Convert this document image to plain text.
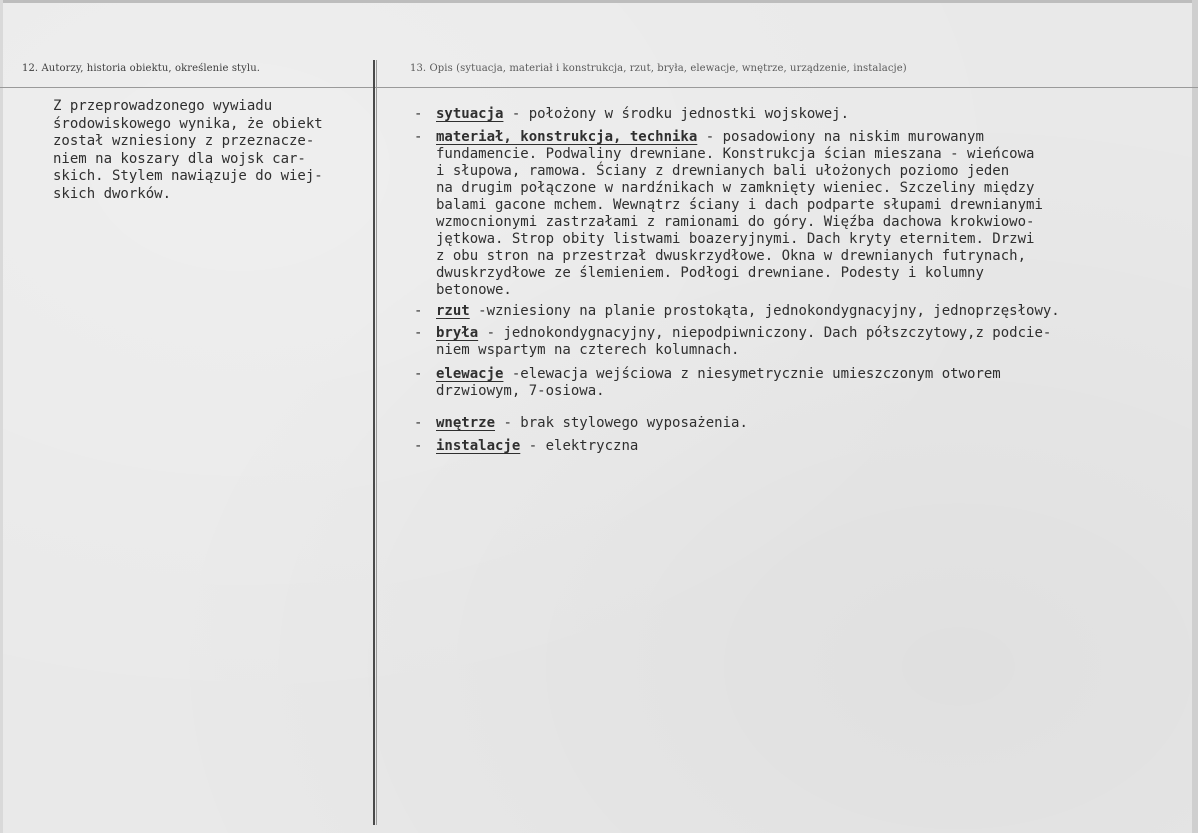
12. Autorzy, historia obiektu, określenie stylu.	13. Opis (sytuacja, materiał i konstrukcja, rzut, bryła, elewacje, wnętrze, urządzenie, instalacje)
Z przeprowadzonego wywiadu
środowiskowego wynika, że obiekt
został wzniesiony z przeznacze-
niem na koszary dla wojsk car-
skich. Stylem nawiązuje do wiej-
skich dworków.
- sytuacja - położony w środku jednostki wojskowej.
- materiał, konstrukcja, technika - posadowiony na niskim murowanym
fundamencie. Podwaliny drewniane. Konstrukcja ścian mieszana - wieńcowa
i słupowa, ramowa. Ściany z drewnianych bali ułożonych poziomo jeden
na drugim połączone w nardźnikach w zamknięty wieniec. Szczeliny między
balami gacone mchem. Wewnątrz ściany i dach podparte słupami drewnianymi
wzmocnionymi zastrzałami z ramionami do góry. Więźba dachowa krokwiowo-
jętkowa. Strop obity listwami boazeryjnymi. Dach kryty eternitem. Drzwi
z obu stron na przestrzał dwuskrzydłowe. Okna w drewnianych futrynach,
dwuskrzydłowe ze ślemieniem. Podłogi drewniane. Podesty i kolumny
betonowe.
- rzut -wzniesiony na planie prostokąta, jednokondygnacyjny, jednoprzęsłowy.
- bryła - jednokondygnacyjny, niepodpiwniczony. Dach półszczytowy,z podcie-
niem wspartym na czterech kolumnach.
- elewacje -elewacja wejściowa z niesymetrycznie umieszczonym otworem
drzwiowym, 7-osiowa.
- wnętrze - brak stylowego wyposażenia.
- instalacje - elektryczna
